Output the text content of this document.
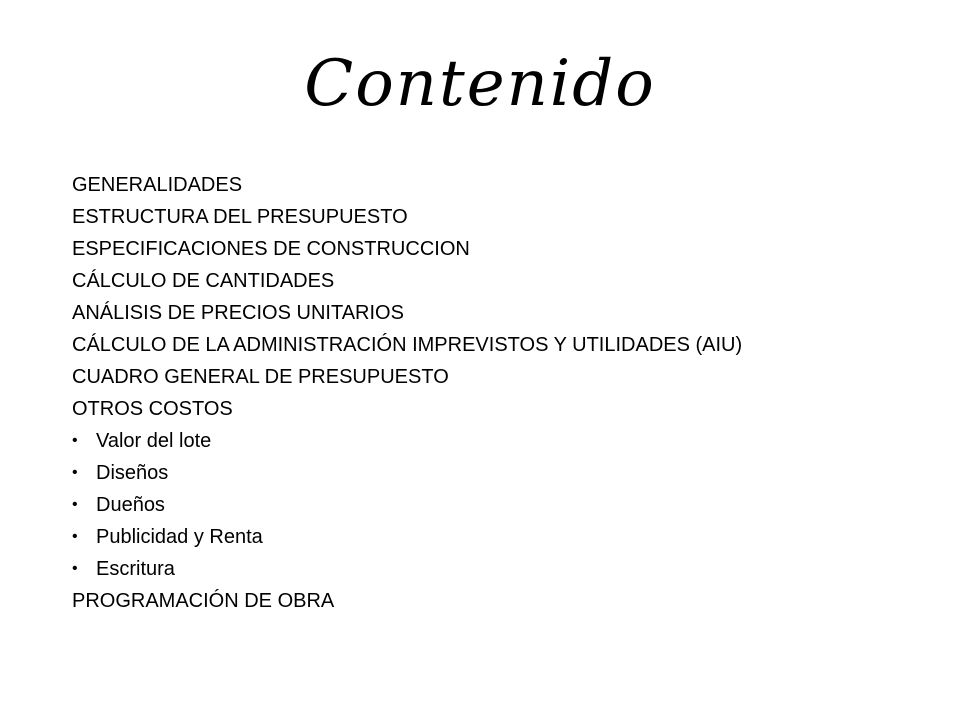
Contenido
GENERALIDADES
ESTRUCTURA DEL PRESUPUESTO
ESPECIFICACIONES DE CONSTRUCCION
CÁLCULO DE CANTIDADES
ANÁLISIS DE PRECIOS UNITARIOS
CÁLCULO DE LA ADMINISTRACIÓN IMPREVISTOS Y UTILIDADES (AIU)
CUADRO GENERAL DE PRESUPUESTO
OTROS COSTOS
• Valor del lote
• Diseños
• Dueños
• Publicidad y Renta
• Escritura
PROGRAMACIÓN DE OBRA
